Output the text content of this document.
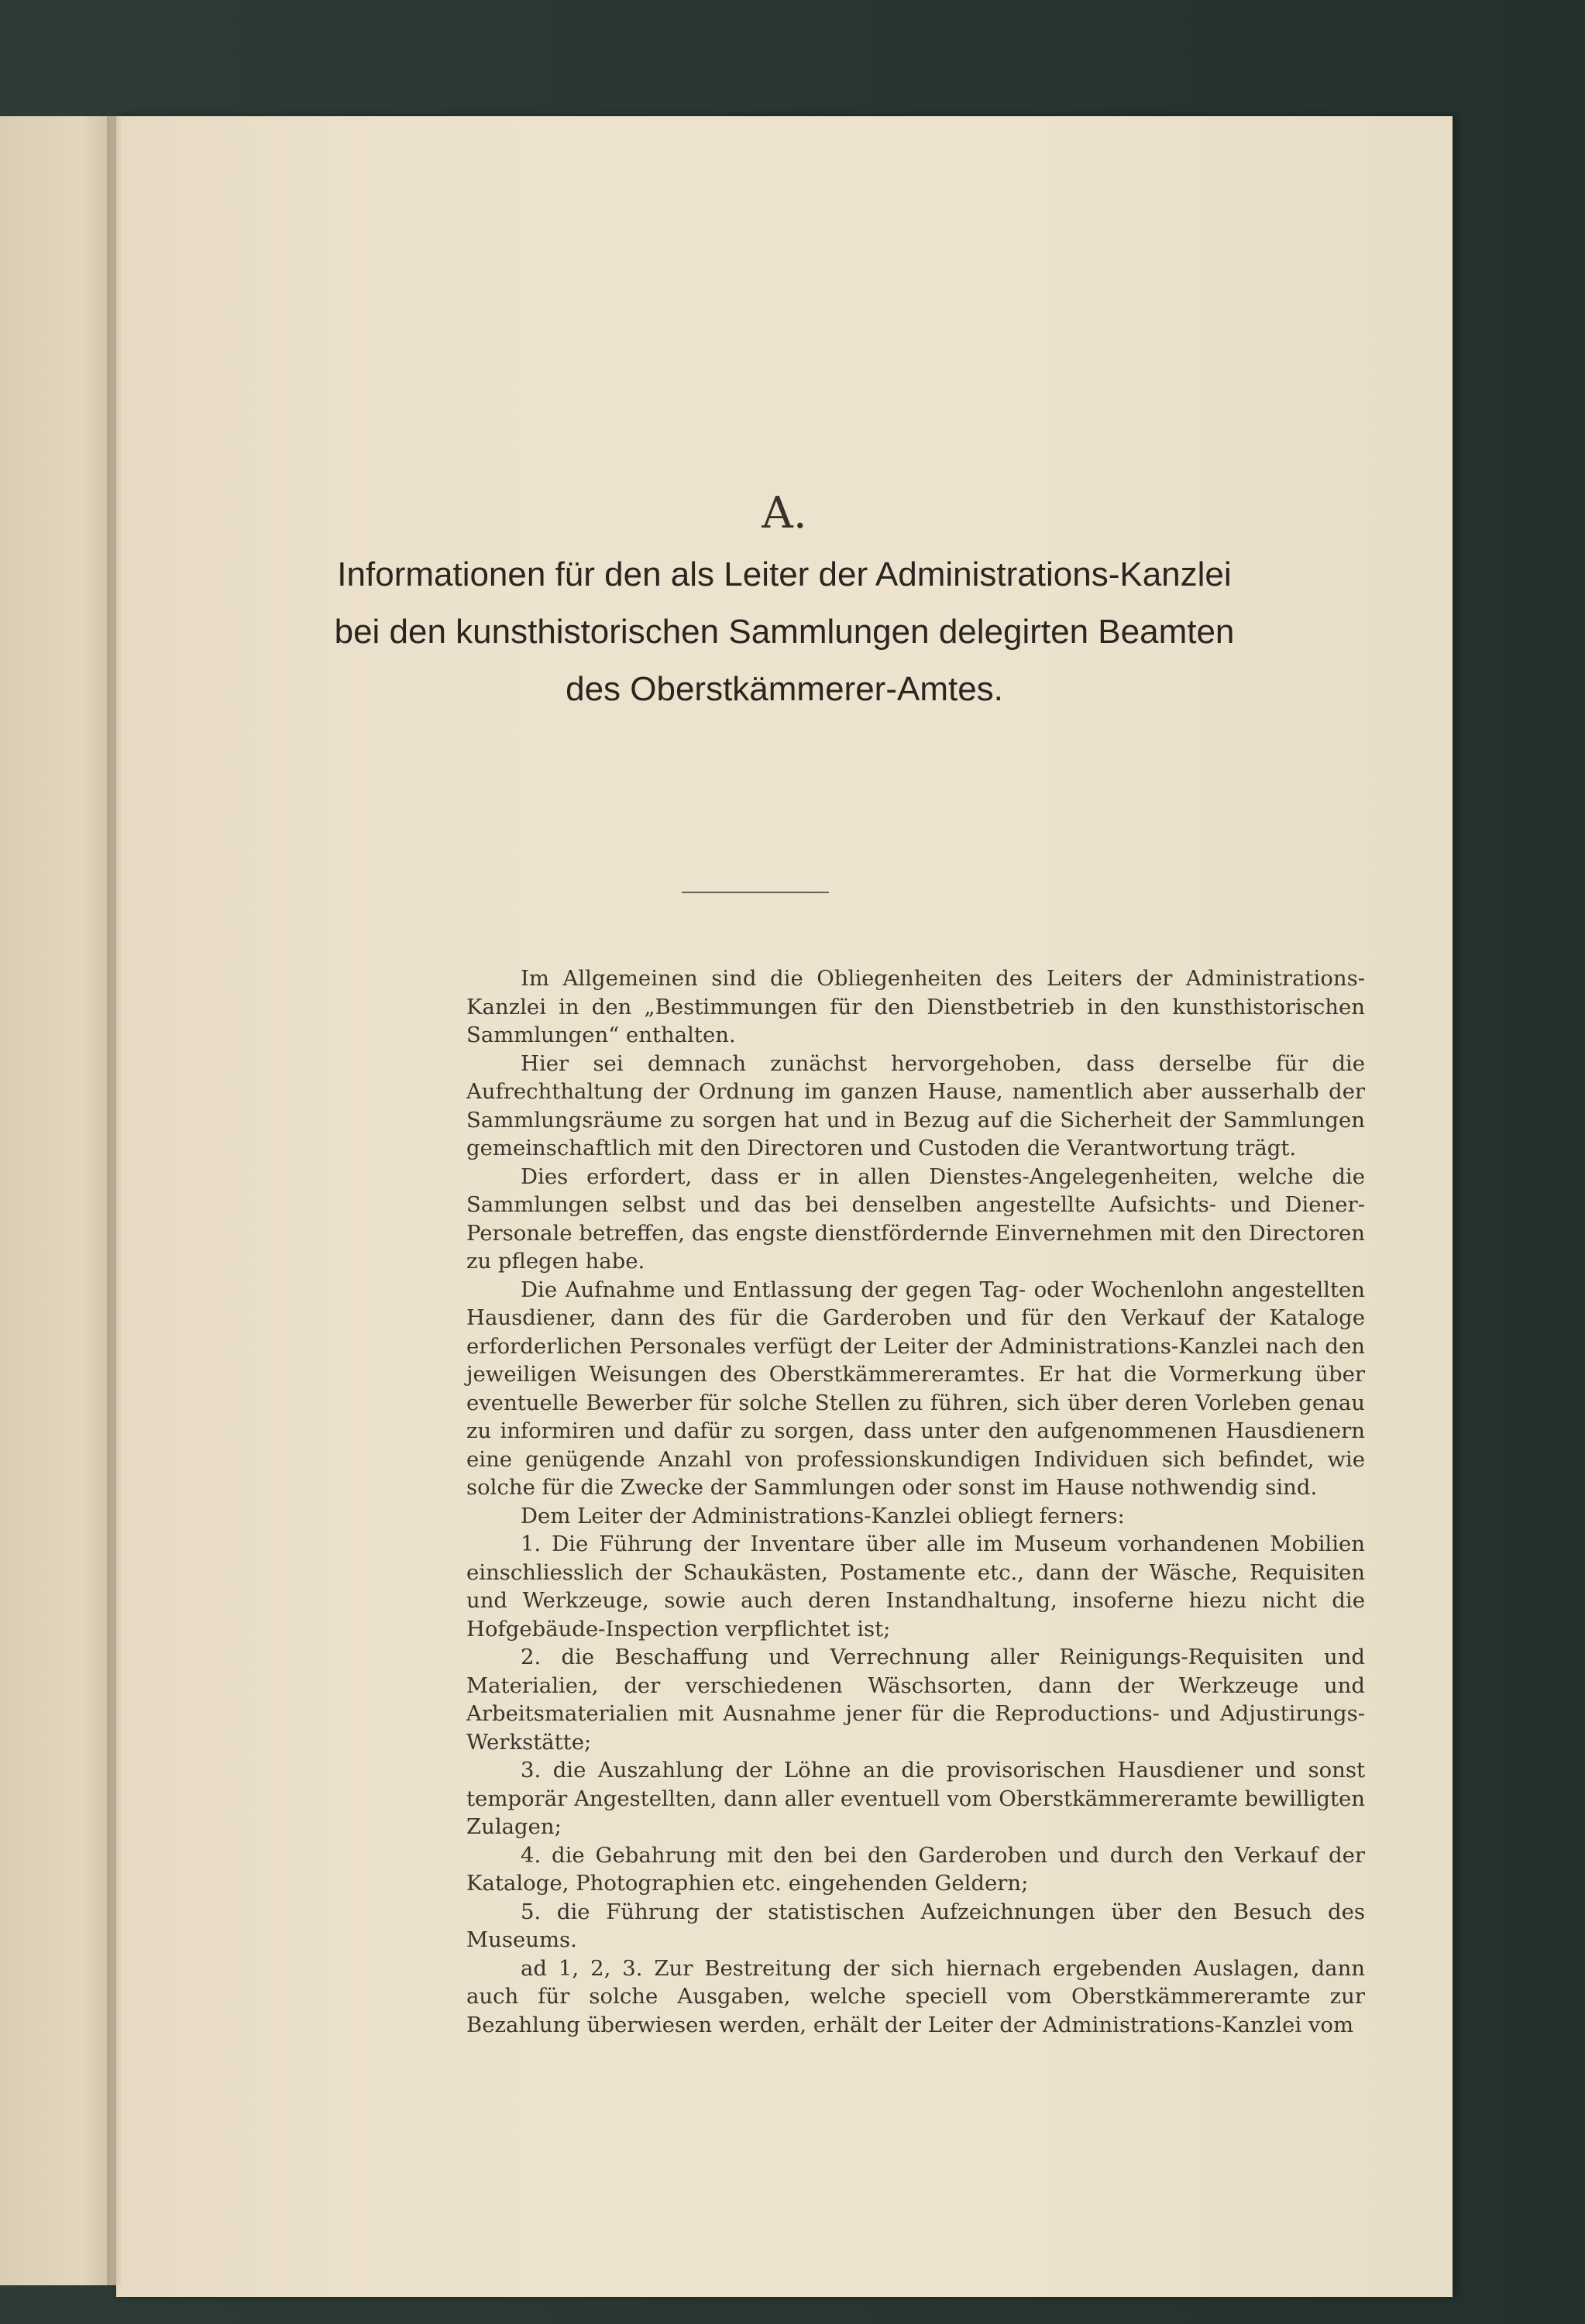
A.
Informationen für den als Leiter der Administrations-Kanzlei
bei den kunsthistorischen Sammlungen delegirten Beamten
des Oberstkämmerer-Amtes.

Im Allgemeinen sind die Obliegenheiten des Leiters der Administrations-Kanzlei in den „Bestimmungen für den Dienstbetrieb in den kunsthistorischen Sammlungen“ enthalten.

Hier sei demnach zunächst hervorgehoben, dass derselbe für die Aufrechthaltung der Ordnung im ganzen Hause, namentlich aber ausserhalb der Sammlungsräume zu sorgen hat und in Bezug auf die Sicherheit der Sammlungen gemeinschaftlich mit den Directoren und Custoden die Verantwortung trägt.

Dies erfordert, dass er in allen Dienstes-Angelegenheiten, welche die Sammlungen selbst und das bei denselben angestellte Aufsichts- und Diener-Personale betreffen, das engste dienstfördernde Einvernehmen mit den Directoren zu pflegen habe.

Die Aufnahme und Entlassung der gegen Tag- oder Wochenlohn angestellten Hausdiener, dann des für die Garderoben und für den Verkauf der Kataloge erforderlichen Personales verfügt der Leiter der Administrations-Kanzlei nach den jeweiligen Weisungen des Oberstkämmereramtes. Er hat die Vormerkung über eventuelle Bewerber für solche Stellen zu führen, sich über deren Vorleben genau zu informiren und dafür zu sorgen, dass unter den aufgenommenen Hausdienern eine genügende Anzahl von professionskundigen Individuen sich befindet, wie solche für die Zwecke der Sammlungen oder sonst im Hause nothwendig sind.

Dem Leiter der Administrations-Kanzlei obliegt ferners:

1. Die Führung der Inventare über alle im Museum vorhandenen Mobilien einschliesslich der Schaukästen, Postamente etc., dann der Wäsche, Requisiten und Werkzeuge, sowie auch deren Instandhaltung, insoferne hiezu nicht die Hofgebäude-Inspection verpflichtet ist;

2. die Beschaffung und Verrechnung aller Reinigungs-Requisiten und Materialien, der verschiedenen Wäschsorten, dann der Werkzeuge und Arbeitsmaterialien mit Ausnahme jener für die Reproductions- und Adjustirungs-Werkstätte;

3. die Auszahlung der Löhne an die provisorischen Hausdiener und sonst temporär Angestellten, dann aller eventuell vom Oberstkämmereramte bewilligten Zulagen;

4. die Gebahrung mit den bei den Garderoben und durch den Verkauf der Kataloge, Photographien etc. eingehenden Geldern;

5. die Führung der statistischen Aufzeichnungen über den Besuch des Museums.

ad 1, 2, 3. Zur Bestreitung der sich hiernach ergebenden Auslagen, dann auch für solche Ausgaben, welche speciell vom Oberstkämmereramte zur Bezahlung überwiesen werden, erhält der Leiter der Administrations-Kanzlei vom
